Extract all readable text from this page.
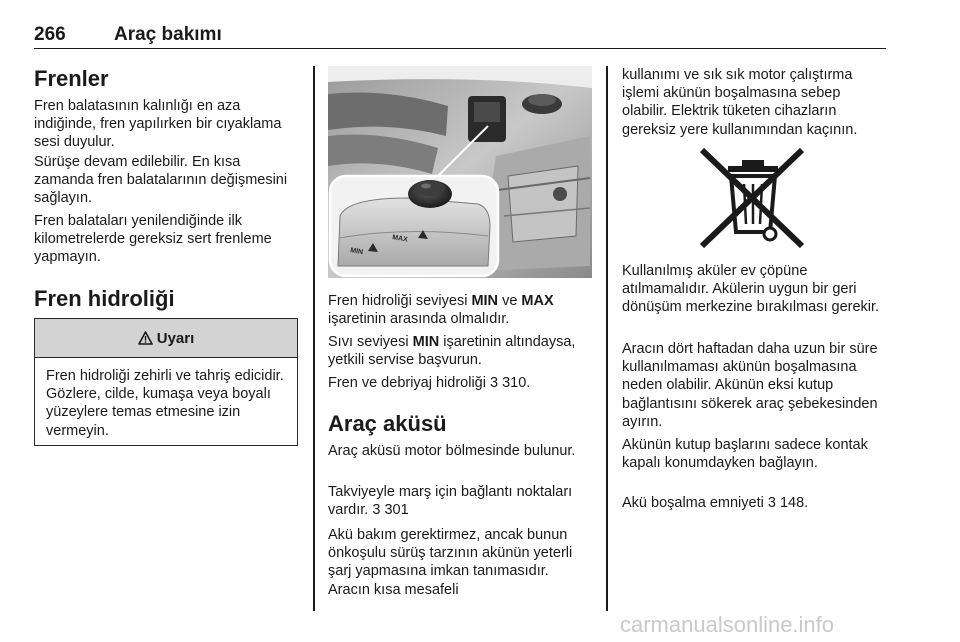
266	Araç bakımı
Frenler

Fren balatasının kalınlığı en aza indiğinde, fren yapılırken bir cıyaklama sesi duyulur.

Sürüşe devam edilebilir. En kısa zamanda fren balatalarının değişmesini sağlayın.

Fren balataları yenilendiğinde ilk kilometrelerde gereksiz sert frenleme yapmayın.

Fren hidroliği
Uyarı

Fren hidroliği zehirli ve tahriş edicidir. Gözlere, cilde, kumaşa veya boyalı yüzeylere temas etmesine izin vermeyin.

MAX
MIN

Fren hidroliği seviyesi MIN ve MAX işaretinin arasında olmalıdır.

Sıvı seviyesi MIN işaretinin altındaysa, yetkili servise başvurun.

Fren ve debriyaj hidroliği 3 310.

Araç aküsü

Araç aküsü motor bölmesinde bulunur.

Takviyeyle marş için bağlantı noktaları vardır. 3 301

Akü bakım gerektirmez, ancak bunun önkoşulu sürüş tarzının akünün yeterli şarj yapmasına imkan tanımasıdır. Aracın kısa mesafeli

kullanımı ve sık sık motor çalıştırma işlemi akünün boşalmasına sebep olabilir. Elektrik tüketen cihazların gereksiz yere kullanımından kaçının.

Kullanılmış aküler ev çöpüne atılmamalıdır. Akülerin uygun bir geri dönüşüm merkezine bırakılması gerekir.

Aracın dört haftadan daha uzun bir süre kullanılmaması akünün boşalmasına neden olabilir. Akünün eksi kutup bağlantısını sökerek araç şebekesinden ayırın.

Akünün kutup başlarını sadece kontak kapalı konumdayken bağlayın.

Akü boşalma emniyeti 3 148.

carmanualsonline.info
